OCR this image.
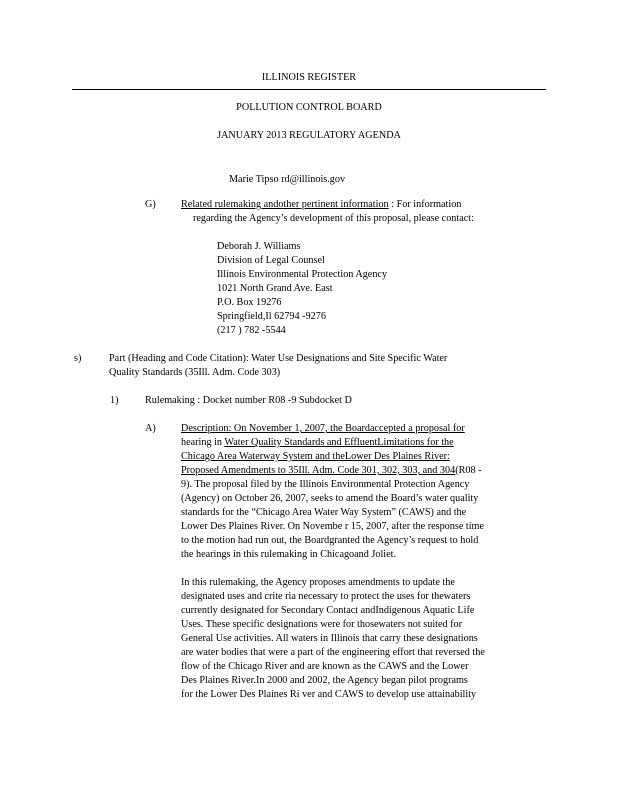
ILLINOIS REGISTER
POLLUTION CONTROL BOARD
JANUARY 2013 REGULATORY AGENDA
Marie Tipso rd@illinois.gov
G) Related rulemaking andother pertinent information : For information
regarding the Agency’s development of this proposal, please contact:
Deborah J. Williams
Division of Legal Counsel
Illinois Environmental Protection Agency
1021 North Grand Ave. East
P.O. Box 19276
Springfield,Il 62794 -9276
(217 ) 782 -5544
s)	Part (Heading and Code Citation): Water Use Designations and Site Specific Water
Quality Standards (35Ill. Adm. Code 303)
1)	Rulemaking : Docket number R08 -9 Subdocket D
A) Description: On November 1, 2007, the Boardaccepted a proposal for
hearing in Water Quality Standards and EffluentLimitations for the
Chicago Area Waterway System and theLower Des Plaines River:
Proposed Amendments to 35Ill. Adm. Code 301, 302, 303, and 304(R08 -
9). The proposal filed by the Illinois Environmental Protection Agency
(Agency) on October 26, 2007, seeks to amend the Board’s water quality
standards for the “Chicago Area Water Way System” (CAWS) and the
Lower Des Plaines River. On Novembe r 15, 2007, after the response time
to the motion had run out, the Boardgranted the Agency’s request to hold
the hearings in this rulemaking in Chicagoand Joliet.
In this rulemaking, the Agency proposes amendments to update the
designated uses and crite ria necessary to protect the uses for thewaters
currently designated for Secondary Contact andIndigenous Aquatic Life
Uses. These specific designations were for thosewaters not suited for
General Use activities. All waters in Illinois that carry these designations
are water bodies that were a part of the engineering effort that reversed the
flow of the Chicago River and are known as the CAWS and the Lower
Des Plaines River.In 2000 and 2002, the Agency began pilot programs
for the Lower Des Plaines Ri ver and CAWS to develop use attainability
